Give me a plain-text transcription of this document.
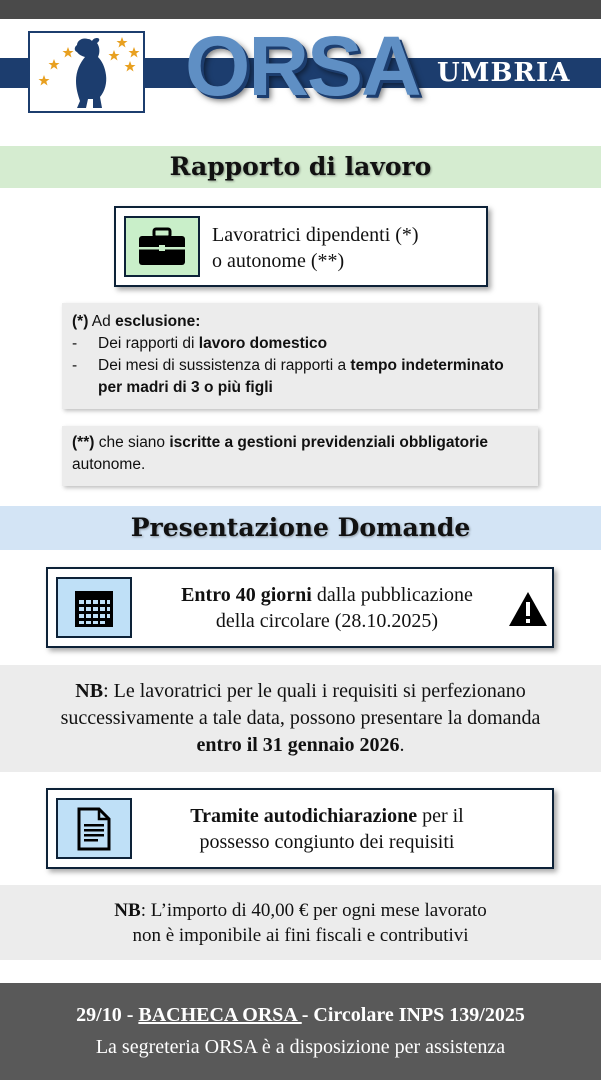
ORSA UMBRIA
Rapporto di lavoro
Lavoratrici dipendenti (*)
o autonome (**)
(*) Ad esclusione:
-	Dei rapporti di lavoro domestico
-	Dei mesi di sussistenza di rapporti a tempo indeterminato per madri di 3 o più figli
(**) che siano iscritte a gestioni previdenziali obbligatorie autonome.
Presentazione Domande
Entro 40 giorni dalla pubblicazione
della circolare (28.10.2025)
NB: Le lavoratrici per le quali i requisiti si perfezionano successivamente a tale data, possono presentare la domanda entro il 31 gennaio 2026.
Tramite autodichiarazione per il
possesso congiunto dei requisiti
NB: L’importo di 40,00 € per ogni mese lavorato
non è imponibile ai fini fiscali e contributivi
29/10 - BACHECA ORSA - Circolare INPS 139/2025
La segreteria ORSA è a disposizione per assistenza
